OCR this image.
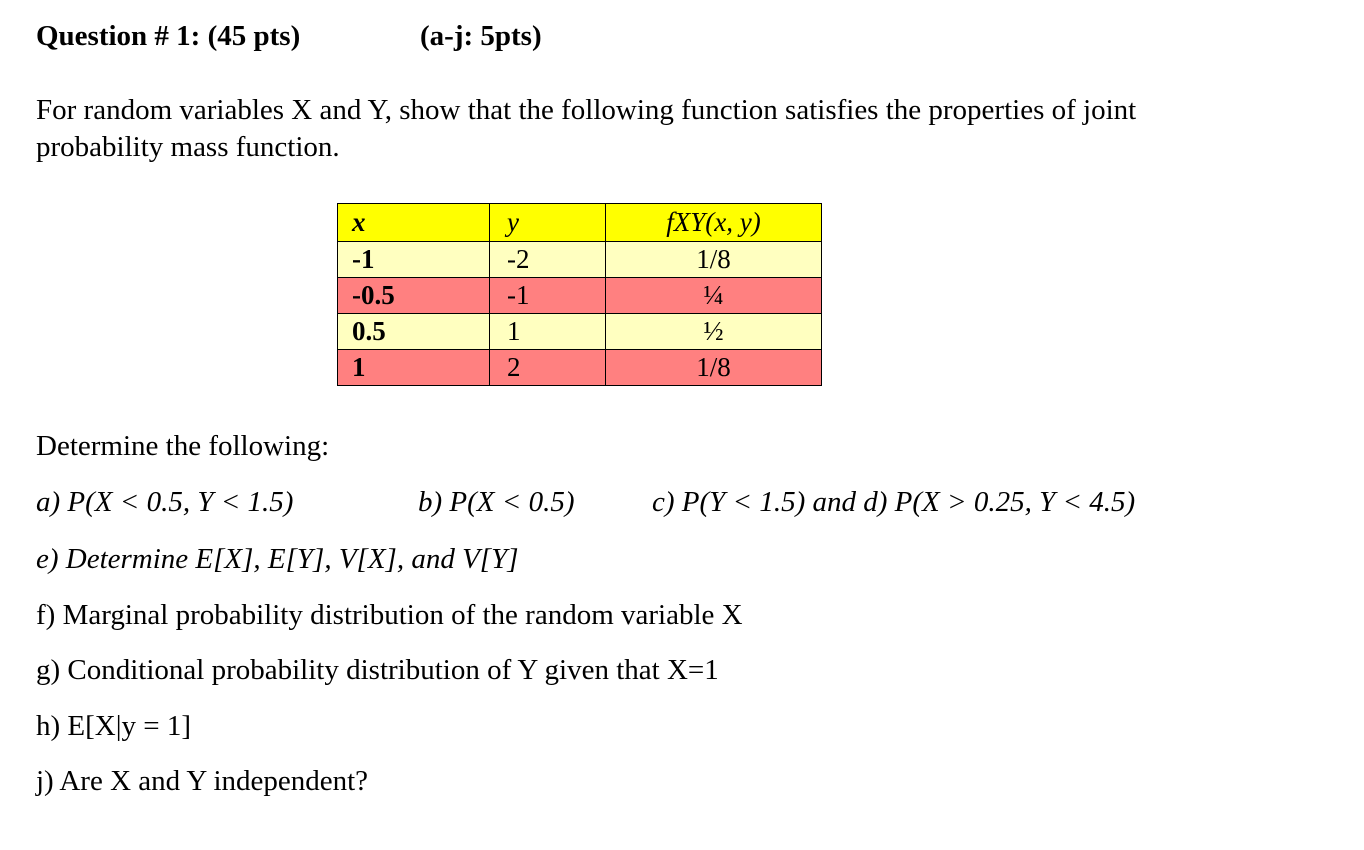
Question # 1: (45 pts)	(a-j: 5pts)
For random variables X and Y, show that the following function satisfies the properties of joint
probability mass function.
x	y	fXY(x, y)
-1	-2	1/8
-0.5	-1	¼
0.5	1	½
1	2	1/8
Determine the following:
a) P(X < 0.5, Y < 1.5)	b) P(X < 0.5)	c) P(Y < 1.5) and d) P(X > 0.25, Y < 4.5)
e) Determine E[X], E[Y], V[X], and V[Y]
f) Marginal probability distribution of the random variable X
g) Conditional probability distribution of Y given that X=1
h) E[X|y = 1]
j) Are X and Y independent?
